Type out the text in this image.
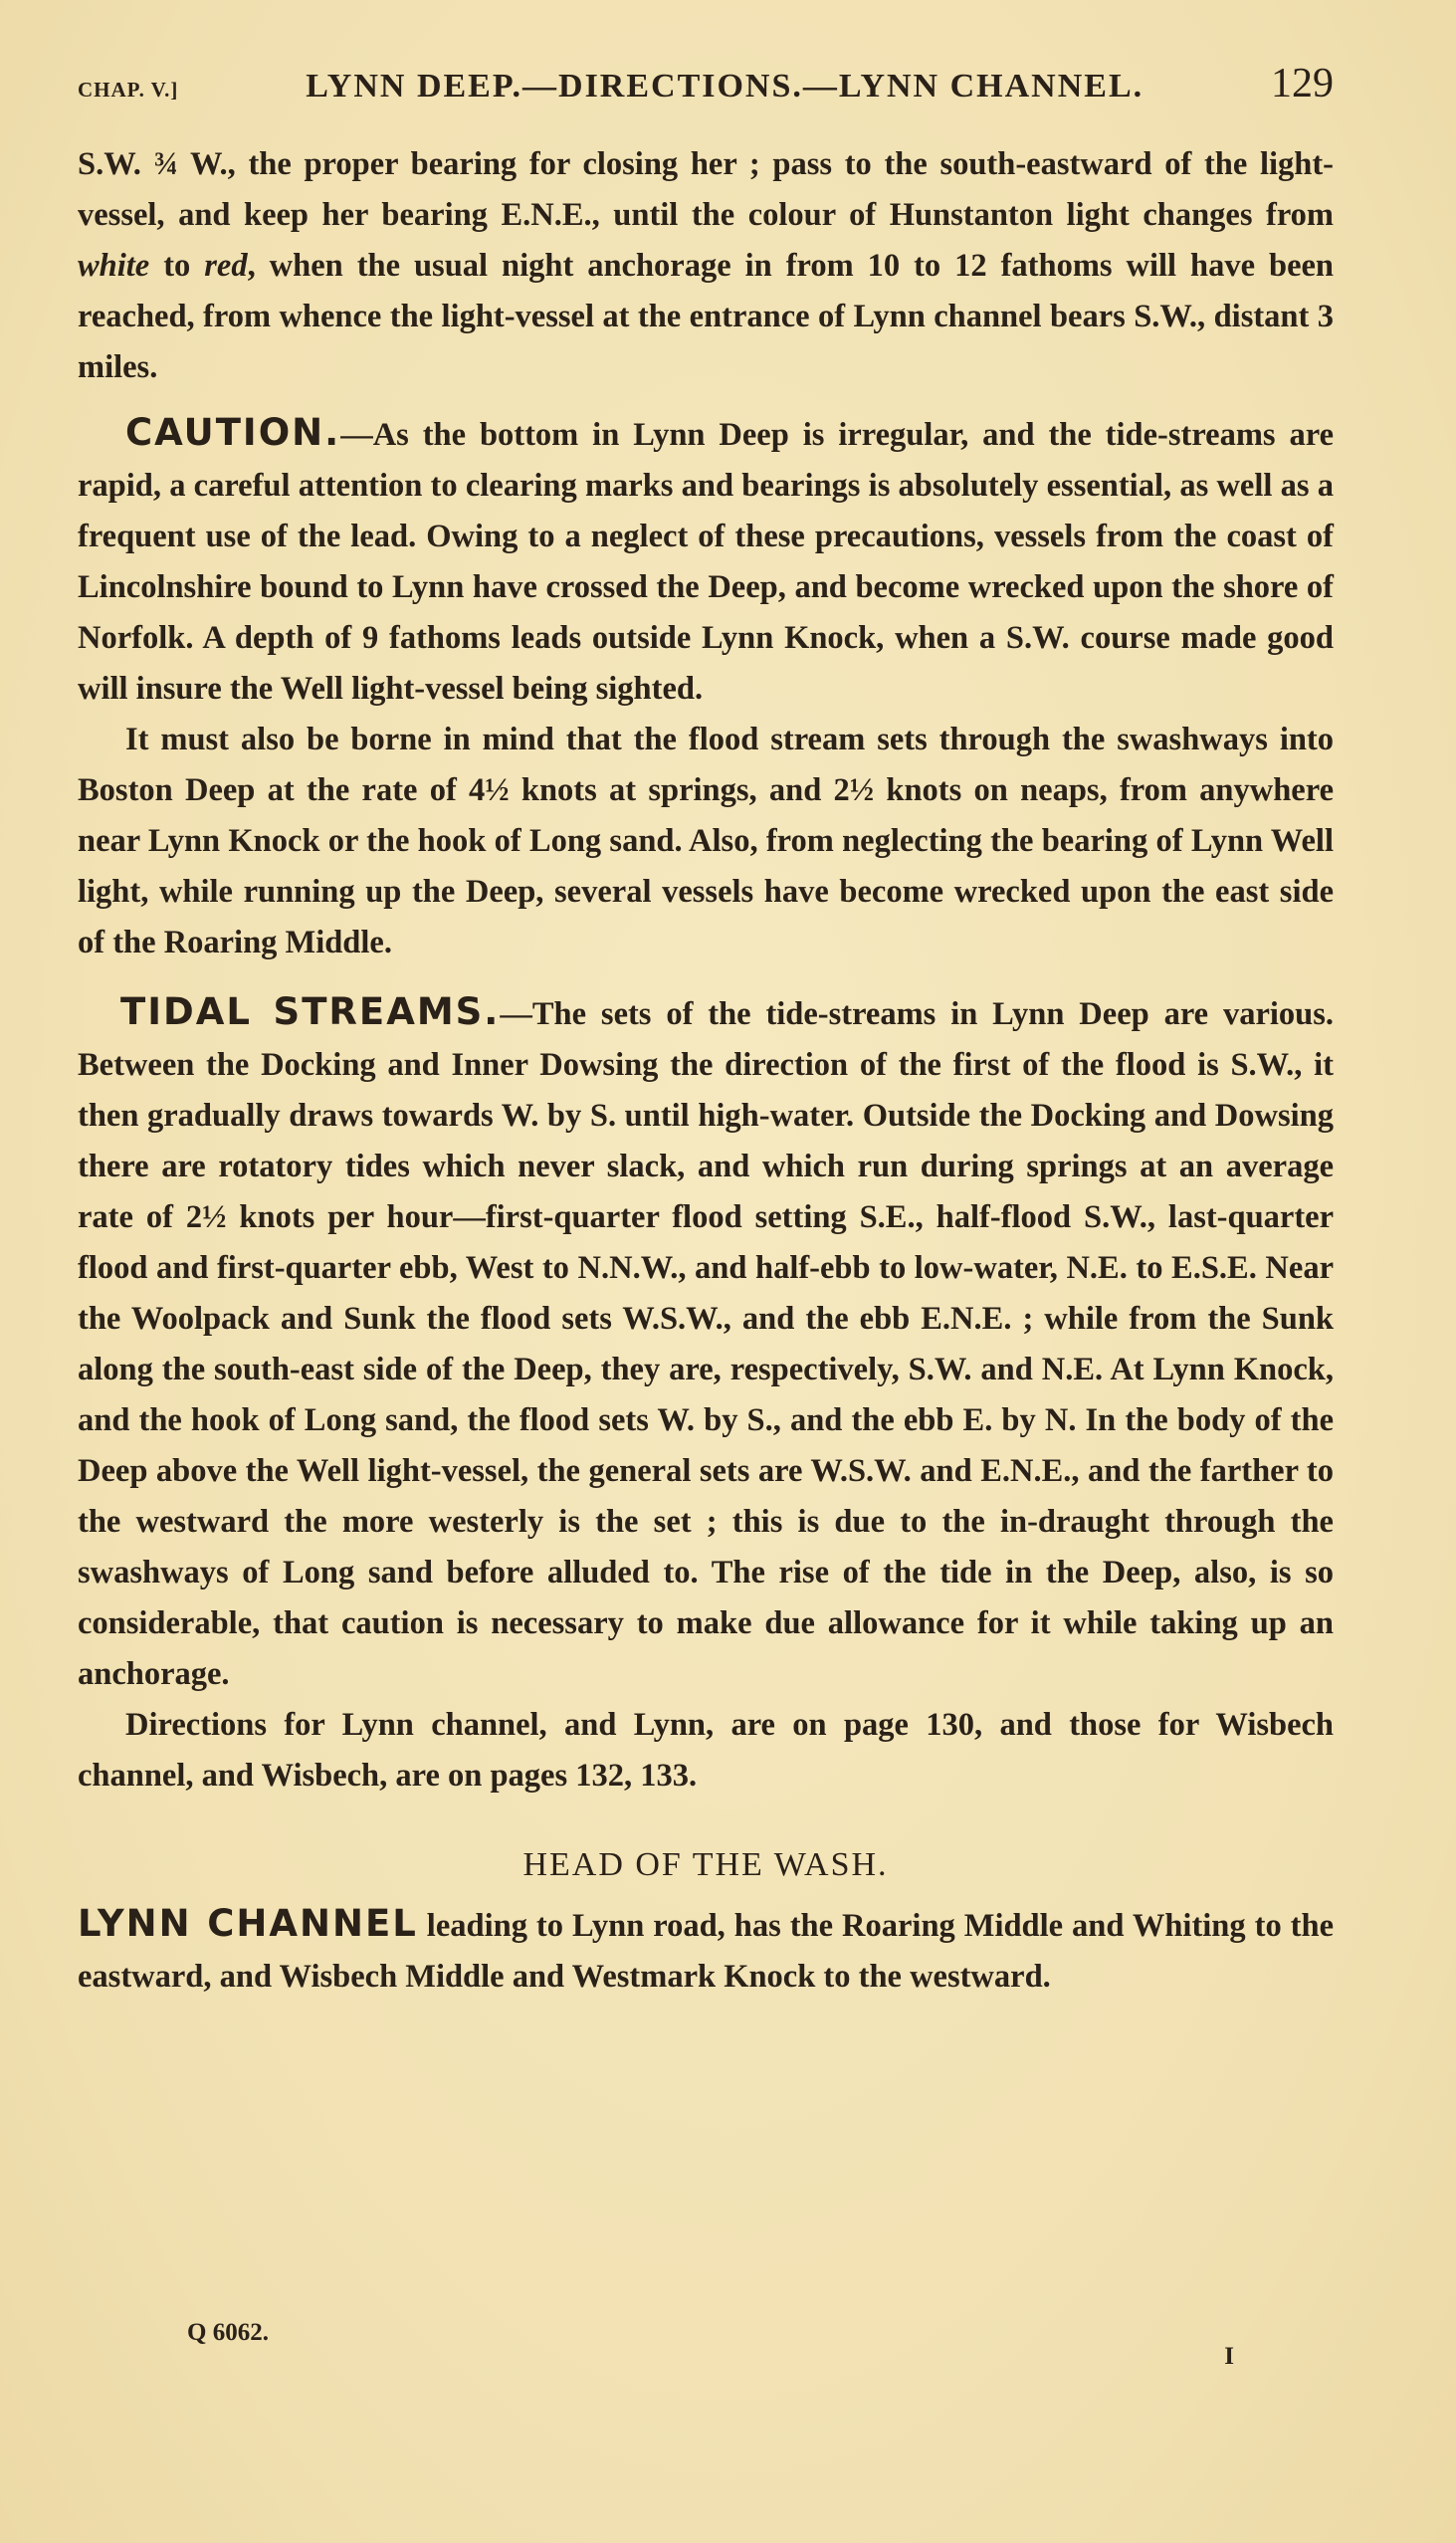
CHAP. V.]	LYNN DEEP.—DIRECTIONS.—LYNN CHANNEL.	129

S.W. ¾ W., the proper bearing for closing her ; pass to the south-eastward of the light-vessel, and keep her bearing E.N.E., until the colour of Hunstanton light changes from white to red, when the usual night anchorage in from 10 to 12 fathoms will have been reached, from whence the light-vessel at the entrance of Lynn channel bears S.W., distant 3 miles.

CAUTION.—As the bottom in Lynn Deep is irregular, and the tide-streams are rapid, a careful attention to clearing marks and bearings is absolutely essential, as well as a frequent use of the lead. Owing to a neglect of these precautions, vessels from the coast of Lincolnshire bound to Lynn have crossed the Deep, and become wrecked upon the shore of Norfolk. A depth of 9 fathoms leads outside Lynn Knock, when a S.W. course made good will insure the Well light-vessel being sighted.

It must also be borne in mind that the flood stream sets through the swashways into Boston Deep at the rate of 4½ knots at springs, and 2½ knots on neaps, from anywhere near Lynn Knock or the hook of Long sand. Also, from neglecting the bearing of Lynn Well light, while running up the Deep, several vessels have become wrecked upon the east side of the Roaring Middle.

TIDAL STREAMS.—The sets of the tide-streams in Lynn Deep are various. Between the Docking and Inner Dowsing the direction of the first of the flood is S.W., it then gradually draws towards W. by S. until high-water. Outside the Docking and Dowsing there are rotatory tides which never slack, and which run during springs at an average rate of 2½ knots per hour—first-quarter flood setting S.E., half-flood S.W., last-quarter flood and first-quarter ebb, West to N.N.W., and half-ebb to low-water, N.E. to E.S.E. Near the Woolpack and Sunk the flood sets W.S.W., and the ebb E.N.E. ; while from the Sunk along the south-east side of the Deep, they are, respectively, S.W. and N.E. At Lynn Knock, and the hook of Long sand, the flood sets W. by S., and the ebb E. by N. In the body of the Deep above the Well light-vessel, the general sets are W.S.W. and E.N.E., and the farther to the westward the more westerly is the set ; this is due to the in-draught through the swashways of Long sand before alluded to. The rise of the tide in the Deep, also, is so considerable, that caution is necessary to make due allowance for it while taking up an anchorage.

Directions for Lynn channel, and Lynn, are on page 130, and those for Wisbech channel, and Wisbech, are on pages 132, 133.

HEAD OF THE WASH.

LYNN CHANNEL leading to Lynn road, has the Roaring Middle and Whiting to the eastward, and Wisbech Middle and Westmark Knock to the westward.

Q 6062.
I
